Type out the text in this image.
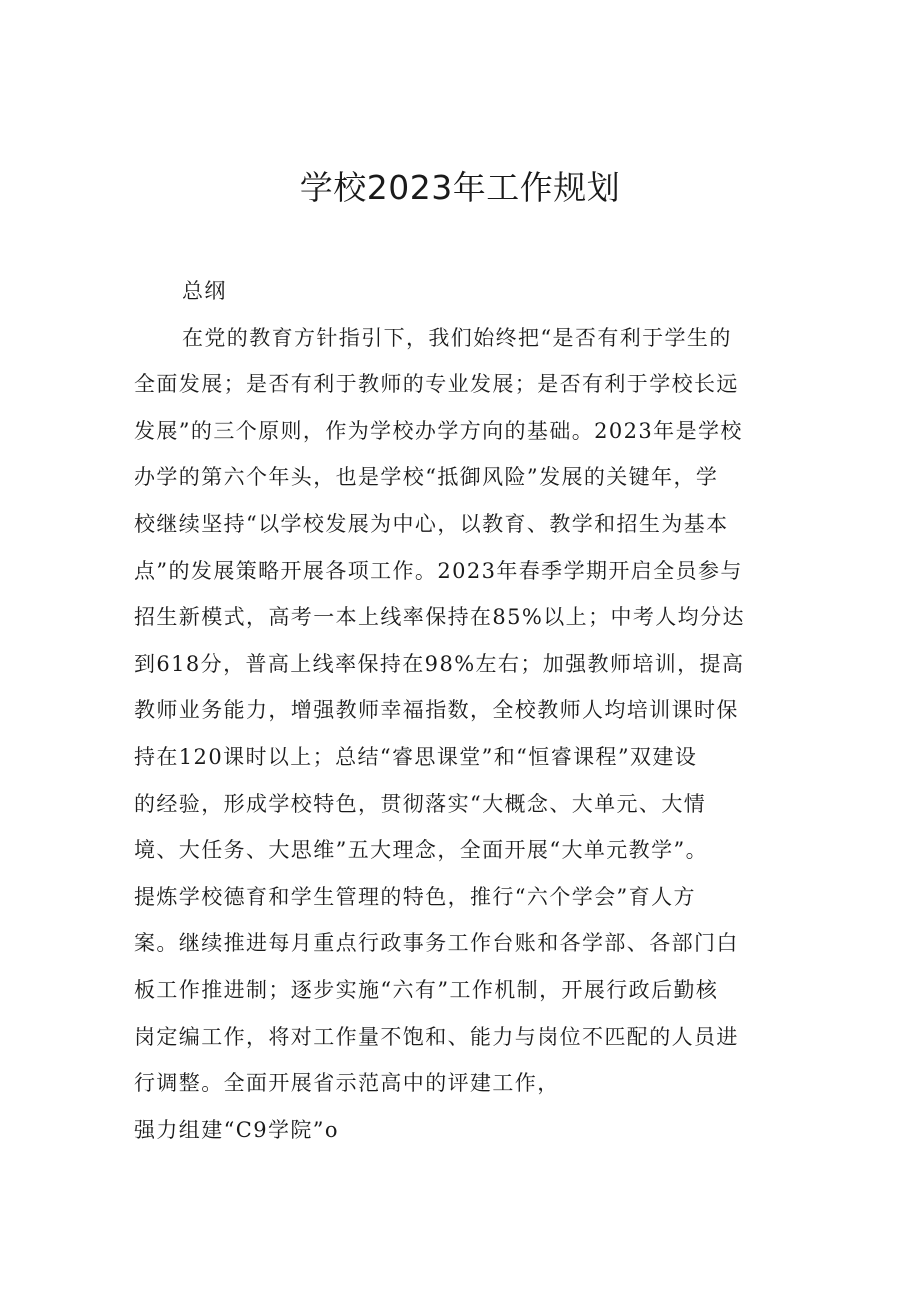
学校2023年工作规划

总纲

在党的教育方针指引下，我们始终把“是否有利于学生的
全面发展；是否有利于教师的专业发展；是否有利于学校长远
发展”的三个原则，作为学校办学方向的基础。2023年是学校
办学的第六个年头，也是学校“抵御风险”发展的关键年，学
校继续坚持“以学校发展为中心，以教育、教学和招生为基本
点”的发展策略开展各项工作。2023年春季学期开启全员参与
招生新模式，高考一本上线率保持在85%以上；中考人均分达
到618分，普高上线率保持在98%左右；加强教师培训，提高
教师业务能力，增强教师幸福指数，全校教师人均培训课时保
持在120课时以上；总结“睿思课堂”和“恒睿课程”双建设
的经验，形成学校特色，贯彻落实“大概念、大单元、大情
境、大任务、大思维”五大理念，全面开展“大单元教学”。
提炼学校德育和学生管理的特色，推行“六个学会”育人方
案。继续推进每月重点行政事务工作台账和各学部、各部门白
板工作推进制；逐步实施“六有”工作机制，开展行政后勤核
岗定编工作，将对工作量不饱和、能力与岗位不匹配的人员进
行调整。全面开展省示范高中的评建工作，

强力组建“C9学院”o
